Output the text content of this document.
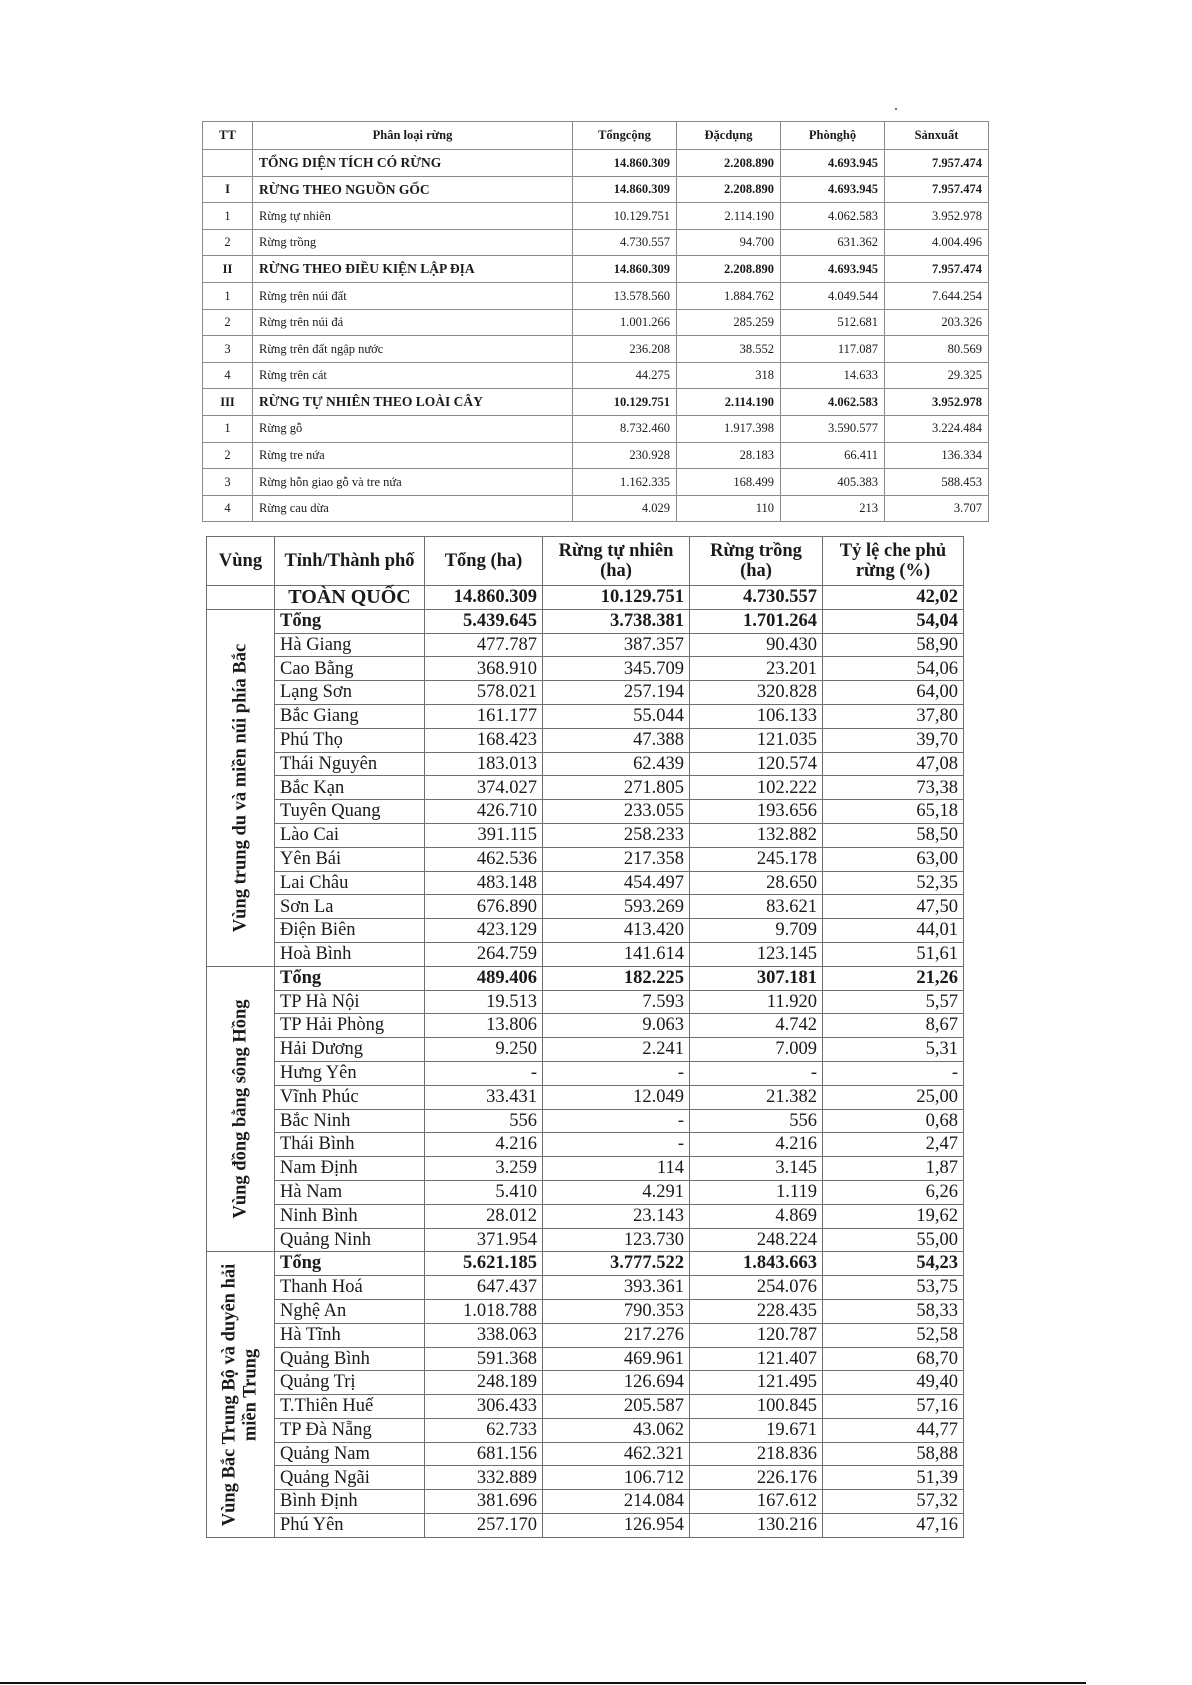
TT	Phân loại rừng	Tổngcộng	Đặcdụng	Phònghộ	Sảnxuất
	TỔNG DIỆN TÍCH CÓ RỪNG	14.860.309	2.208.890	4.693.945	7.957.474
I	RỪNG THEO NGUỒN GỐC	14.860.309	2.208.890	4.693.945	7.957.474
1	Rừng tự nhiên	10.129.751	2.114.190	4.062.583	3.952.978
2	Rừng trồng	4.730.557	94.700	631.362	4.004.496
II	RỪNG THEO ĐIỀU KIỆN LẬP ĐỊA	14.860.309	2.208.890	4.693.945	7.957.474
1	Rừng trên núi đất	13.578.560	1.884.762	4.049.544	7.644.254
2	Rừng trên núi đá	1.001.266	285.259	512.681	203.326
3	Rừng trên đất ngập nước	236.208	38.552	117.087	80.569
4	Rừng trên cát	44.275	318	14.633	29.325
III	RỪNG TỰ NHIÊN THEO LOÀI CÂY	10.129.751	2.114.190	4.062.583	3.952.978
1	Rừng gỗ	8.732.460	1.917.398	3.590.577	3.224.484
2	Rừng tre nứa	230.928	28.183	66.411	136.334
3	Rừng hỗn giao gỗ và tre nứa	1.162.335	168.499	405.383	588.453
4	Rừng cau dừa	4.029	110	213	3.707
Vùng	Tỉnh/Thành phố	Tổng (ha)	Rừng tự nhiên (ha)	Rừng trồng (ha)	Tỷ lệ che phủ rừng (%)
	TOÀN QUỐC	14.860.309	10.129.751	4.730.557	42,02

Vùng trung du và miền núi phía Bắc	Tổng	5.439.645	3.738.381	1.701.264	54,04
	Hà Giang	477.787	387.357	90.430	58,90
	Cao Bằng	368.910	345.709	23.201	54,06
	Lạng Sơn	578.021	257.194	320.828	64,00
	Bắc Giang	161.177	55.044	106.133	37,80
	Phú Thọ	168.423	47.388	121.035	39,70
	Thái Nguyên	183.013	62.439	120.574	47,08
	Bắc Kạn	374.027	271.805	102.222	73,38
	Tuyên Quang	426.710	233.055	193.656	65,18
	Lào Cai	391.115	258.233	132.882	58,50
	Yên Bái	462.536	217.358	245.178	63,00
	Lai Châu	483.148	454.497	28.650	52,35
	Sơn La	676.890	593.269	83.621	47,50
	Điện Biên	423.129	413.420	9.709	44,01
	Hoà Bình	264.759	141.614	123.145	51,61

Vùng đồng bằng sông Hồng	Tổng	489.406	182.225	307.181	21,26
	TP Hà Nội	19.513	7.593	11.920	5,57
	TP Hải Phòng	13.806	9.063	4.742	8,67
	Hải Dương	9.250	2.241	7.009	5,31
	Hưng Yên	-	-	-	-
	Vĩnh Phúc	33.431	12.049	21.382	25,00
	Bắc Ninh	556	-	556	0,68
	Thái Bình	4.216	-	4.216	2,47
	Nam Định	3.259	114	3.145	1,87
	Hà Nam	5.410	4.291	1.119	6,26
	Ninh Bình	28.012	23.143	4.869	19,62
	Quảng Ninh	371.954	123.730	248.224	55,00

Vùng Bắc Trung Bộ và duyên hải miền Trung	Tổng	5.621.185	3.777.522	1.843.663	54,23
	Thanh Hoá	647.437	393.361	254.076	53,75
	Nghệ An	1.018.788	790.353	228.435	58,33
	Hà Tĩnh	338.063	217.276	120.787	52,58
	Quảng Bình	591.368	469.961	121.407	68,70
	Quảng Trị	248.189	126.694	121.495	49,40
	T.Thiên Huế	306.433	205.587	100.845	57,16
	TP Đà Nẵng	62.733	43.062	19.671	44,77
	Quảng Nam	681.156	462.321	218.836	58,88
	Quảng Ngãi	332.889	106.712	226.176	51,39
	Bình Định	381.696	214.084	167.612	57,32
	Phú Yên	257.170	126.954	130.216	47,16
